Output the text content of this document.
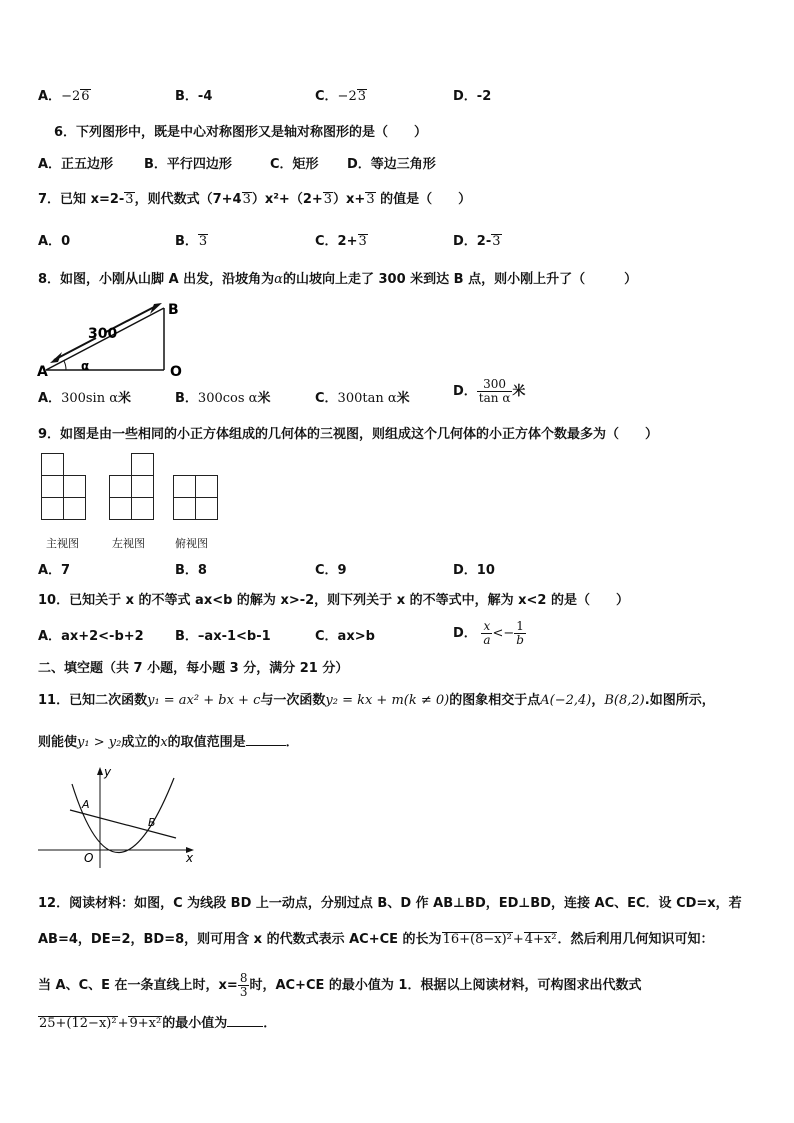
A．−26	B．-4	C．−23	D．-2
6．下列图形中，既是中心对称图形又是轴对称图形的是（　　）
A．正五边形 B．平行四边形	C．矩形 D．等边三角形
7．已知 x=2-3，则代数式（7+43）x²+（2+3）x+3 的值是（　　）
A．0	B．3	C．2+3	D．2-3
8．如图，小刚从山脚 A 出发，沿坡角为α的山坡向上走了 300 米到达 B 点，则小刚上升了（　　　）
A
B
O
300
α
A．300sin α米	B．300cos α米	C．300tan α米	D． $\frac{300}{\text{tan α}}$ 米
9．如图是由一些相同的小正方体组成的几何体的三视图，则组成这个几何体的小正方体个数最多为（　　）
主视图	左视图	俯视图
A．7	B．8	C．9	D．10
10．已知关于 x 的不等式 ax<b 的解为 x>-2，则下列关于 x 的不等式中，解为 x<2 的是（　　）
A．ax+2<-b+2 B．–ax-1<b-1	C．ax>b	D． $\frac{x}{a} <- \frac{1}{b}$
二、填空题（共 7 小题，每小题 3 分，满分 21 分）
11．已知二次函数y₁ = ax² + bx + c与一次函数y₂ = kx + m(k ≠ 0)的图象相交于点A(−2,4)，B(8,2).如图所示，
则能使y₁ > y₂成立的x的取值范围是	．
y
x
O
A
B
12．阅读材料：如图，C 为线段 BD 上一动点，分别过点 B、D 作 AB⊥BD，ED⊥BD，连接 AC、EC．设 CD=x，若
AB=4，DE=2，BD=8，则可用含 x 的代数式表示 AC+CE 的长为16+(8−x)²+4+x²．然后利用几何知识可知：
当 A、C、E 在一条直线上时，$x= \frac{8}{3}$ 时，AC+CE 的最小值为 1．根据以上阅读材料，可构图求出代数式
25+(12−x)²+9+x²的最小值为	．
